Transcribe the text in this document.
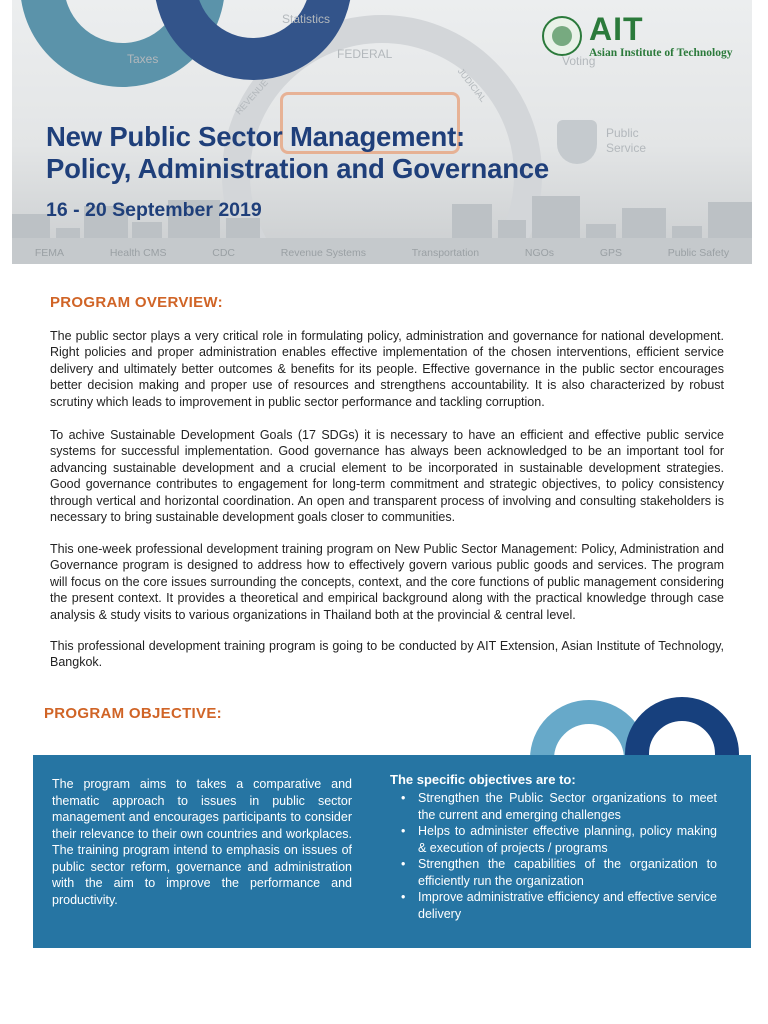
Taxes
Statistics
FEDERAL
REVENUE	JUDICIAL
Voting
Public
Service
FEMA	Health CMS	CDC	Revenue Systems	Transportation	NGOs	GPS	Public Safety
New Public Sector Management:
Policy, Administration and Governance

16 - 20 September 2019

AIT
Asian Institute of Technology
PROGRAM OVERVIEW:

The public sector plays a very critical role in formulating policy, administration and governance for national development. Right policies and proper administration enables effective implementation of the chosen interventions, efficient service delivery and ultimately better outcomes & benefits for its people. Effective governance in the public sector encourages better decision making and proper use of resources and strengthens accountability. It is also characterized by robust scrutiny which leads to improvement in public sector performance and tackling corruption.

To achive Sustainable Development Goals (17 SDGs) it is necessary to have an efficient and effective public service systems for successful implementation. Good governance has always been acknowledged to be an important tool for advancing sustainable development and a crucial element to be incorporated in sustainable development strategies. Good governance contributes to engagement for long-term commitment and strategic objectives, to policy consistency through vertical and horizontal coordination. An open and transparent process of involving and consulting stakeholders is necessary to bring sustainable development goals closer to communities.

This one-week professional development training program on New Public Sector Management: Policy, Administration and Governance program is designed to address how to effectively govern various public goods and services. The program will focus on the core issues surrounding the concepts, context, and the core functions of public management considering the present context. It provides a theoretical and empirical background along with the practical knowledge through case analysis & study visits to various organizations in Thailand both at the provincial & central level.

This professional development training program is going to be conducted by AIT Extension, Asian Institute of Technology, Bangkok.

PROGRAM OBJECTIVE:

The program aims to takes a comparative and thematic approach to issues in public sector management and encourages participants to consider their relevance to their own countries and workplaces. The training program intend to emphasis on issues of public sector reform, governance and administration with the aim to improve the performance and productivity.

The specific objectives are to:

• Strengthen the Public Sector organizations to meet the current and emerging challenges
• Helps to administer effective planning, policy making & execution of projects / programs
• Strengthen the capabilities of the organization to efficiently run the organization
• Improve administrative efficiency and effective service delivery
